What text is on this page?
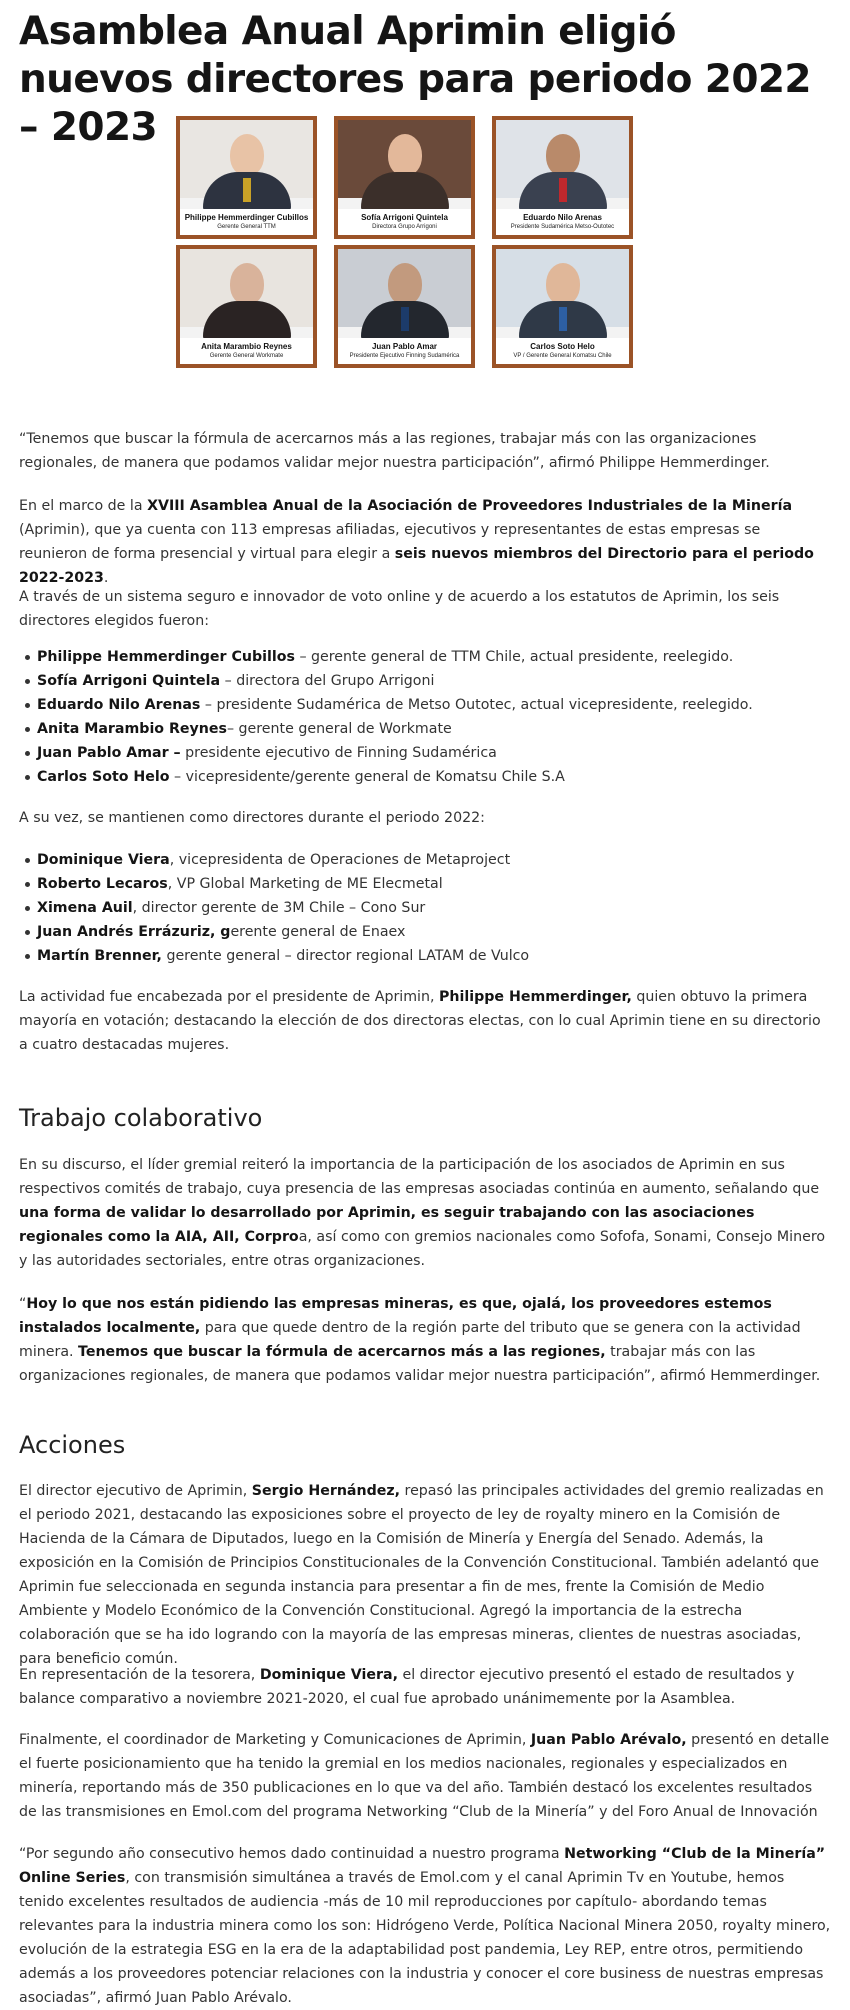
Asamblea Anual Aprimin eligió nuevos directores para periodo 2022 – 2023
Philippe Hemmerdinger Cubillos
Gerente General TTM
Sofía Arrigoni Quintela
Directora Grupo Arrigoni
Eduardo Nilo Arenas
Presidente Sudamérica Metso-Outotec
Anita Marambio Reynes
Gerente General Workmate
Juan Pablo Amar
Presidente Ejecutivo Finning Sudamérica
Carlos Soto Helo
VP / Gerente General Komatsu Chile

“Tenemos que buscar la fórmula de acercarnos más a las regiones, trabajar más con las organizaciones regionales, de manera que podamos validar mejor nuestra participación”, afirmó Philippe Hemmerdinger.

En el marco de la XVIII Asamblea Anual de la Asociación de Proveedores Industriales de la Minería (Aprimin), que ya cuenta con 113 empresas afiliadas, ejecutivos y representantes de estas empresas se reunieron de forma presencial y virtual para elegir a seis nuevos miembros del Directorio para el periodo 2022-2023.

A través de un sistema seguro e innovador de voto online y de acuerdo a los estatutos de Aprimin, los seis directores elegidos fueron:

Philippe Hemmerdinger Cubillos – gerente general de TTM Chile, actual presidente, reelegido.
Sofía Arrigoni Quintela – directora del Grupo Arrigoni
Eduardo Nilo Arenas – presidente Sudamérica de Metso Outotec, actual vicepresidente, reelegido.
Anita Marambio Reynes– gerente general de Workmate
Juan Pablo Amar – presidente ejecutivo de Finning Sudamérica
Carlos Soto Helo – vicepresidente/gerente general de Komatsu Chile S.A

A su vez, se mantienen como directores durante el periodo 2022:

Dominique Viera, vicepresidenta de Operaciones de Metaproject
Roberto Lecaros, VP Global Marketing de ME Elecmetal
Ximena Auil, director gerente de 3M Chile – Cono Sur
Juan Andrés Errázuriz, gerente general de Enaex
Martín Brenner, gerente general – director regional LATAM de Vulco

La actividad fue encabezada por el presidente de Aprimin, Philippe Hemmerdinger, quien obtuvo la primera mayoría en votación; destacando la elección de dos directoras electas, con lo cual Aprimin tiene en su directorio a cuatro destacadas mujeres.

Trabajo colaborativo

En su discurso, el líder gremial reiteró la importancia de la participación de los asociados de Aprimin en sus respectivos comités de trabajo, cuya presencia de las empresas asociadas continúa en aumento, señalando que una forma de validar lo desarrollado por Aprimin, es seguir trabajando con las asociaciones regionales como la AIA, AII, Corproa, así como con gremios nacionales como Sofofa, Sonami, Consejo Minero y las autoridades sectoriales, entre otras organizaciones.

“Hoy lo que nos están pidiendo las empresas mineras, es que, ojalá, los proveedores estemos instalados localmente, para que quede dentro de la región parte del tributo que se genera con la actividad minera. Tenemos que buscar la fórmula de acercarnos más a las regiones, trabajar más con las organizaciones regionales, de manera que podamos validar mejor nuestra participación”, afirmó Hemmerdinger.

Acciones

El director ejecutivo de Aprimin, Sergio Hernández, repasó las principales actividades del gremio realizadas en el periodo 2021, destacando las exposiciones sobre el proyecto de ley de royalty minero en la Comisión de Hacienda de la Cámara de Diputados, luego en la Comisión de Minería y Energía del Senado. Además, la exposición en la Comisión de Principios Constitucionales de la Convención Constitucional. También adelantó que Aprimin fue seleccionada en segunda instancia para presentar a fin de mes, frente la Comisión de Medio Ambiente y Modelo Económico de la Convención Constitucional. Agregó la importancia de la estrecha colaboración que se ha ido logrando con la mayoría de las empresas mineras, clientes de nuestras asociadas, para beneficio común.

En representación de la tesorera, Dominique Viera, el director ejecutivo presentó el estado de resultados y balance comparativo a noviembre 2021-2020, el cual fue aprobado unánimemente por la Asamblea.

Finalmente, el coordinador de Marketing y Comunicaciones de Aprimin, Juan Pablo Arévalo, presentó en detalle el fuerte posicionamiento que ha tenido la gremial en los medios nacionales, regionales y especializados en minería, reportando más de 350 publicaciones en lo que va del año. También destacó los excelentes resultados de las transmisiones en Emol.com del programa Networking “Club de la Minería” y del Foro Anual de Innovación

“Por segundo año consecutivo hemos dado continuidad a nuestro programa Networking “Club de la Minería” Online Series, con transmisión simultánea a través de Emol.com y el canal Aprimin Tv en Youtube, hemos tenido excelentes resultados de audiencia -más de 10 mil reproducciones por capítulo- abordando temas relevantes para la industria minera como los son: Hidrógeno Verde, Política Nacional Minera 2050, royalty minero, evolución de la estrategia ESG en la era de la adaptabilidad post pandemia, Ley REP, entre otros, permitiendo además a los proveedores potenciar relaciones con la industria y conocer el core business de nuestras empresas asociadas”, afirmó Juan Pablo Arévalo.
